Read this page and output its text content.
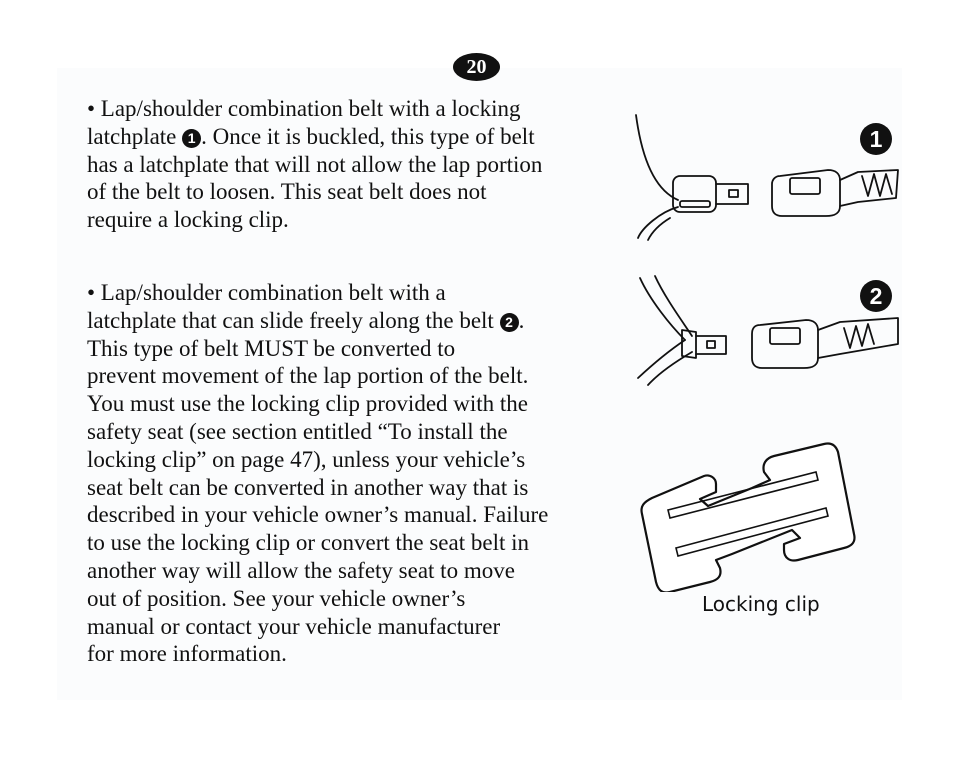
20

• Lap/shoulder combination belt with a locking
latchplate 1 . Once it is buckled, this type of belt
has a latchplate that will not allow the lap portion
of the belt to loosen. This seat belt does not
require a locking clip.

• Lap/shoulder combination belt with a
latchplate that can slide freely along the belt 2 .
This type of belt MUST be converted to
prevent movement of the lap portion of the belt.
You must use the locking clip provided with the
safety seat (see section entitled “To install the
locking clip” on page 47), unless your vehicle’s
seat belt can be converted in another way that is
described in your vehicle owner’s manual. Failure
to use the locking clip or convert the seat belt in
another way will allow the safety seat to move
out of position. See your vehicle owner’s
manual or contact your vehicle manufacturer
for more information.

1
2
Locking clip
